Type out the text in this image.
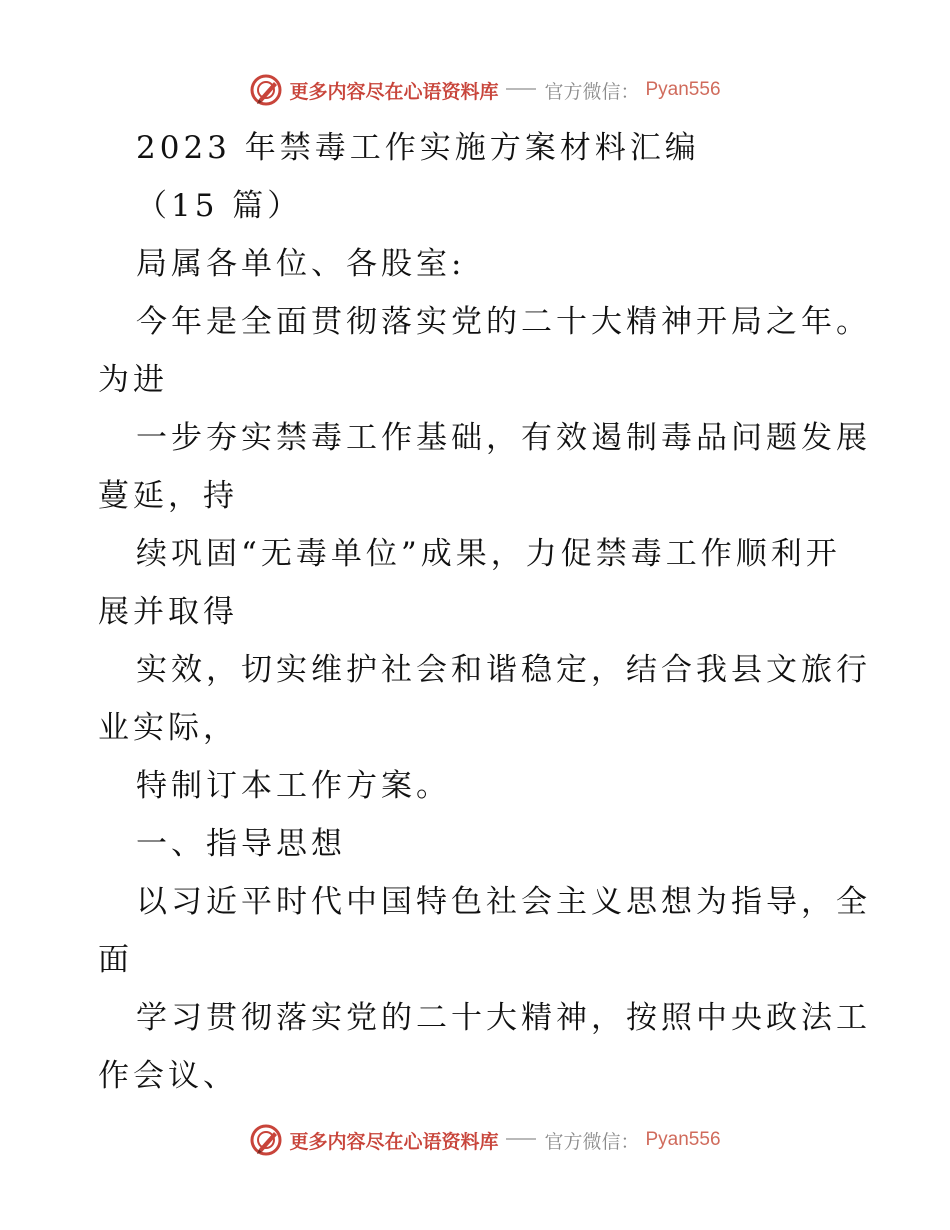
更多内容尽在心语资料库 官方微信： Pyan556
2023 年禁毒工作实施方案材料汇编
（15 篇）
局属各单位、各股室:
今年是全面贯彻落实党的二十大精神开局之年。
为进
一步夯实禁毒工作基础，有效遏制毒品问题发展
蔓延，持
续巩固“无毒单位”成果，力促禁毒工作顺利开
展并取得
实效，切实维护社会和谐稳定，结合我县文旅行
业实际，
特制订本工作方案。
一、指导思想
以习近平时代中国特色社会主义思想为指导，全
面
学习贯彻落实党的二十大精神，按照中央政法工
作会议、
更多内容尽在心语资料库 官方微信： Pyan556
